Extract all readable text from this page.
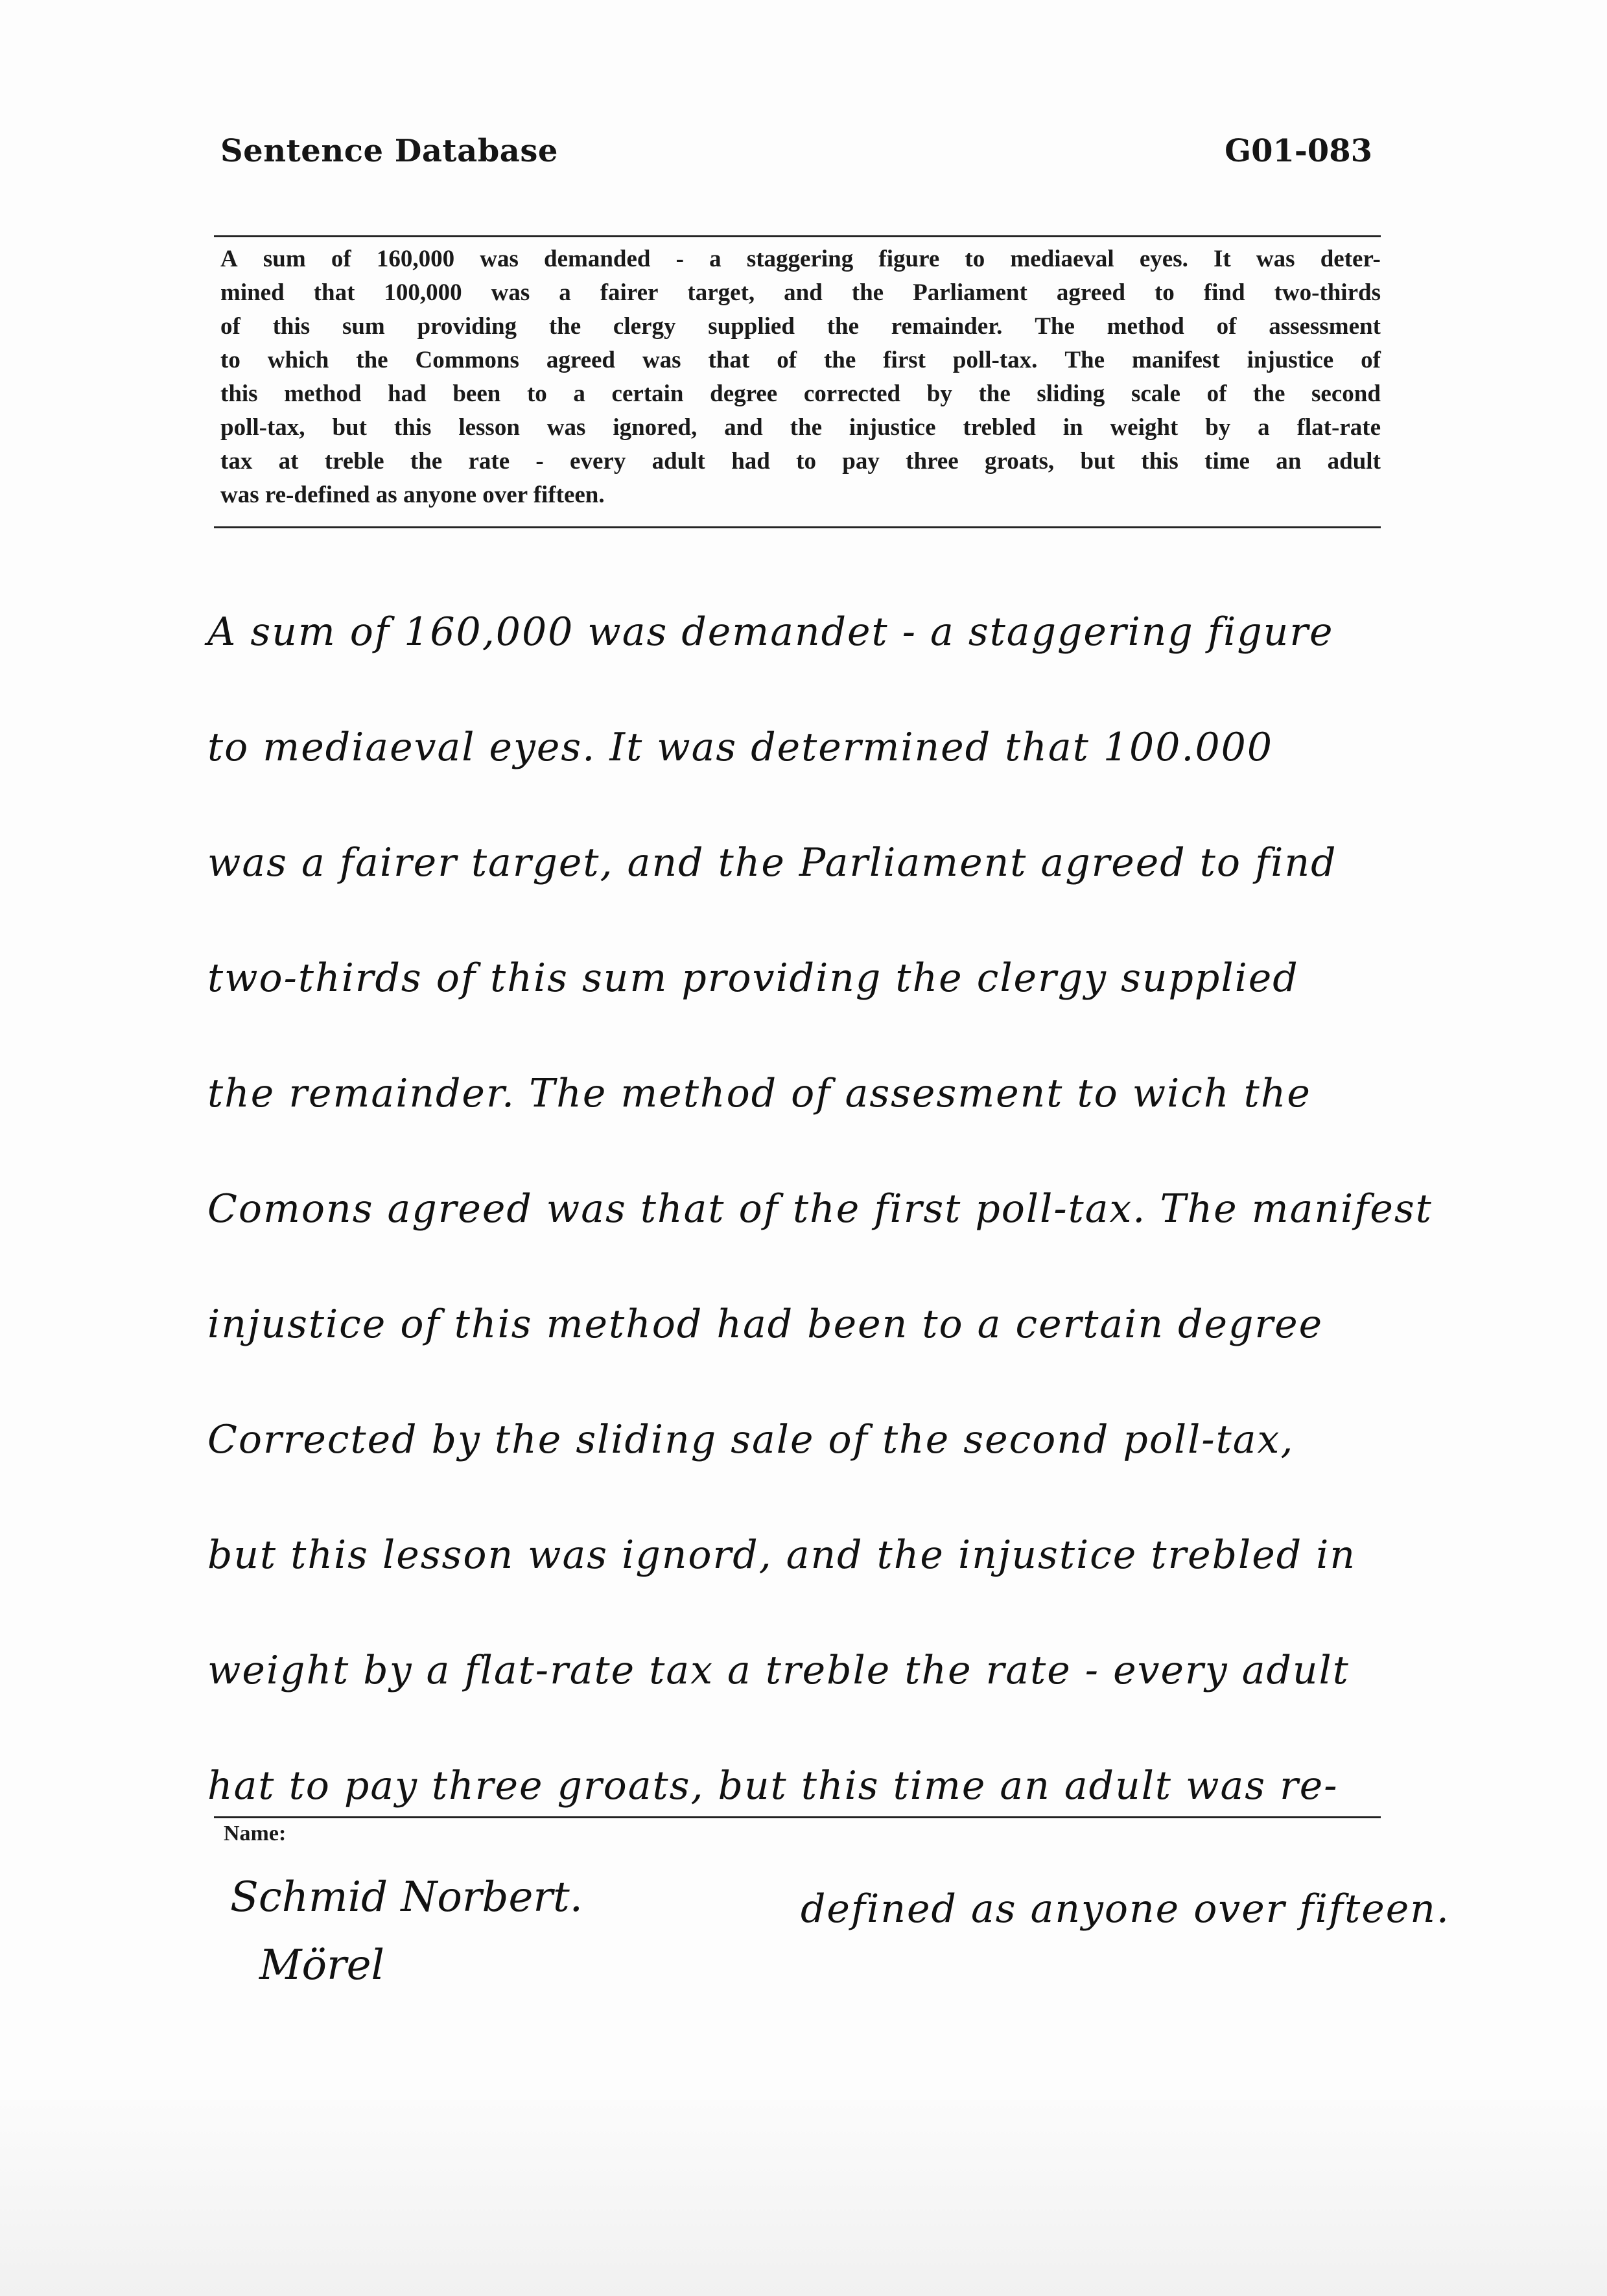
Sentence Database	G01-083
A sum of 160,000 was demanded - a staggering figure to mediaeval eyes. It was deter-
mined that 100,000 was a fairer target, and the Parliament agreed to find two-thirds
of this sum providing the clergy supplied the remainder. The method of assessment
to which the Commons agreed was that of the first poll-tax. The manifest injustice of
this method had been to a certain degree corrected by the sliding scale of the second
poll-tax, but this lesson was ignored, and the injustice trebled in weight by a flat-rate
tax at treble the rate - every adult had to pay three groats, but this time an adult
was re-defined as anyone over fifteen.
A sum of 160,000 was demandet - a staggering figure
to mediaeval eyes. It was determined that 100.000
was a fairer target, and the Parliament agreed to find
two-thirds of this sum providing the clergy supplied
the remainder. The method of assesment to wich the
Comons agreed was that of the first poll-tax. The manifest
injustice of this method had been to a certain degree
Corrected by the sliding sale of the second poll-tax,
but this lesson was ignord, and the injustice trebled in
weight by a flat-rate tax a treble the rate - every adult
hat to pay three groats, but this time an adult was re-
Name:
Schmid Norbert.
Mörel
defined as anyone over fifteen.
